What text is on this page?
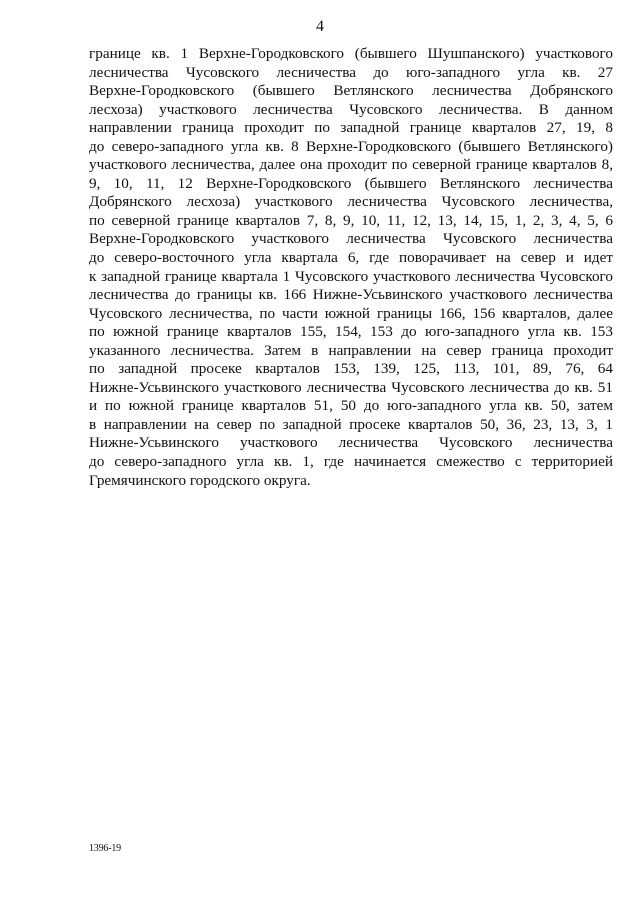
4
границе кв. 1 Верхне-Городковского (бывшего Шушпанского) участкового
лесничества Чусовского лесничества до юго-западного угла кв. 27
Верхне-Городковского (бывшего Ветлянского лесничества Добрянского
лесхоза) участкового лесничества Чусовского лесничества. В данном
направлении граница проходит по западной границе кварталов 27, 19, 8
до северо-западного угла кв. 8 Верхне-Городковского (бывшего Ветлянского)
участкового лесничества, далее она проходит по северной границе кварталов 8,
9, 10, 11, 12 Верхне-Городковского (бывшего Ветлянского лесничества
Добрянского лесхоза) участкового лесничества Чусовского лесничества,
по северной границе кварталов 7, 8, 9, 10, 11, 12, 13, 14, 15, 1, 2, 3, 4, 5, 6
Верхне-Городковского участкового лесничества Чусовского лесничества
до северо-восточного угла квартала 6, где поворачивает на север и идет
к западной границе квартала 1 Чусовского участкового лесничества Чусовского
лесничества до границы кв. 166 Нижне-Усьвинского участкового лесничества
Чусовского лесничества, по части южной границы 166, 156 кварталов, далее
по южной границе кварталов 155, 154, 153 до юго-западного угла кв. 153
указанного лесничества. Затем в направлении на север граница проходит
по западной просеке кварталов 153, 139, 125, 113, 101, 89, 76, 64
Нижне-Усьвинского участкового лесничества Чусовского лесничества до кв. 51
и по южной границе кварталов 51, 50 до юго-западного угла кв. 50, затем
в направлении на север по западной просеке кварталов 50, 36, 23, 13, 3, 1
Нижне-Усьвинского участкового лесничества Чусовского лесничества
до северо-западного угла кв. 1, где начинается смежество с территорией
Гремячинского городского округа.
1396-19
